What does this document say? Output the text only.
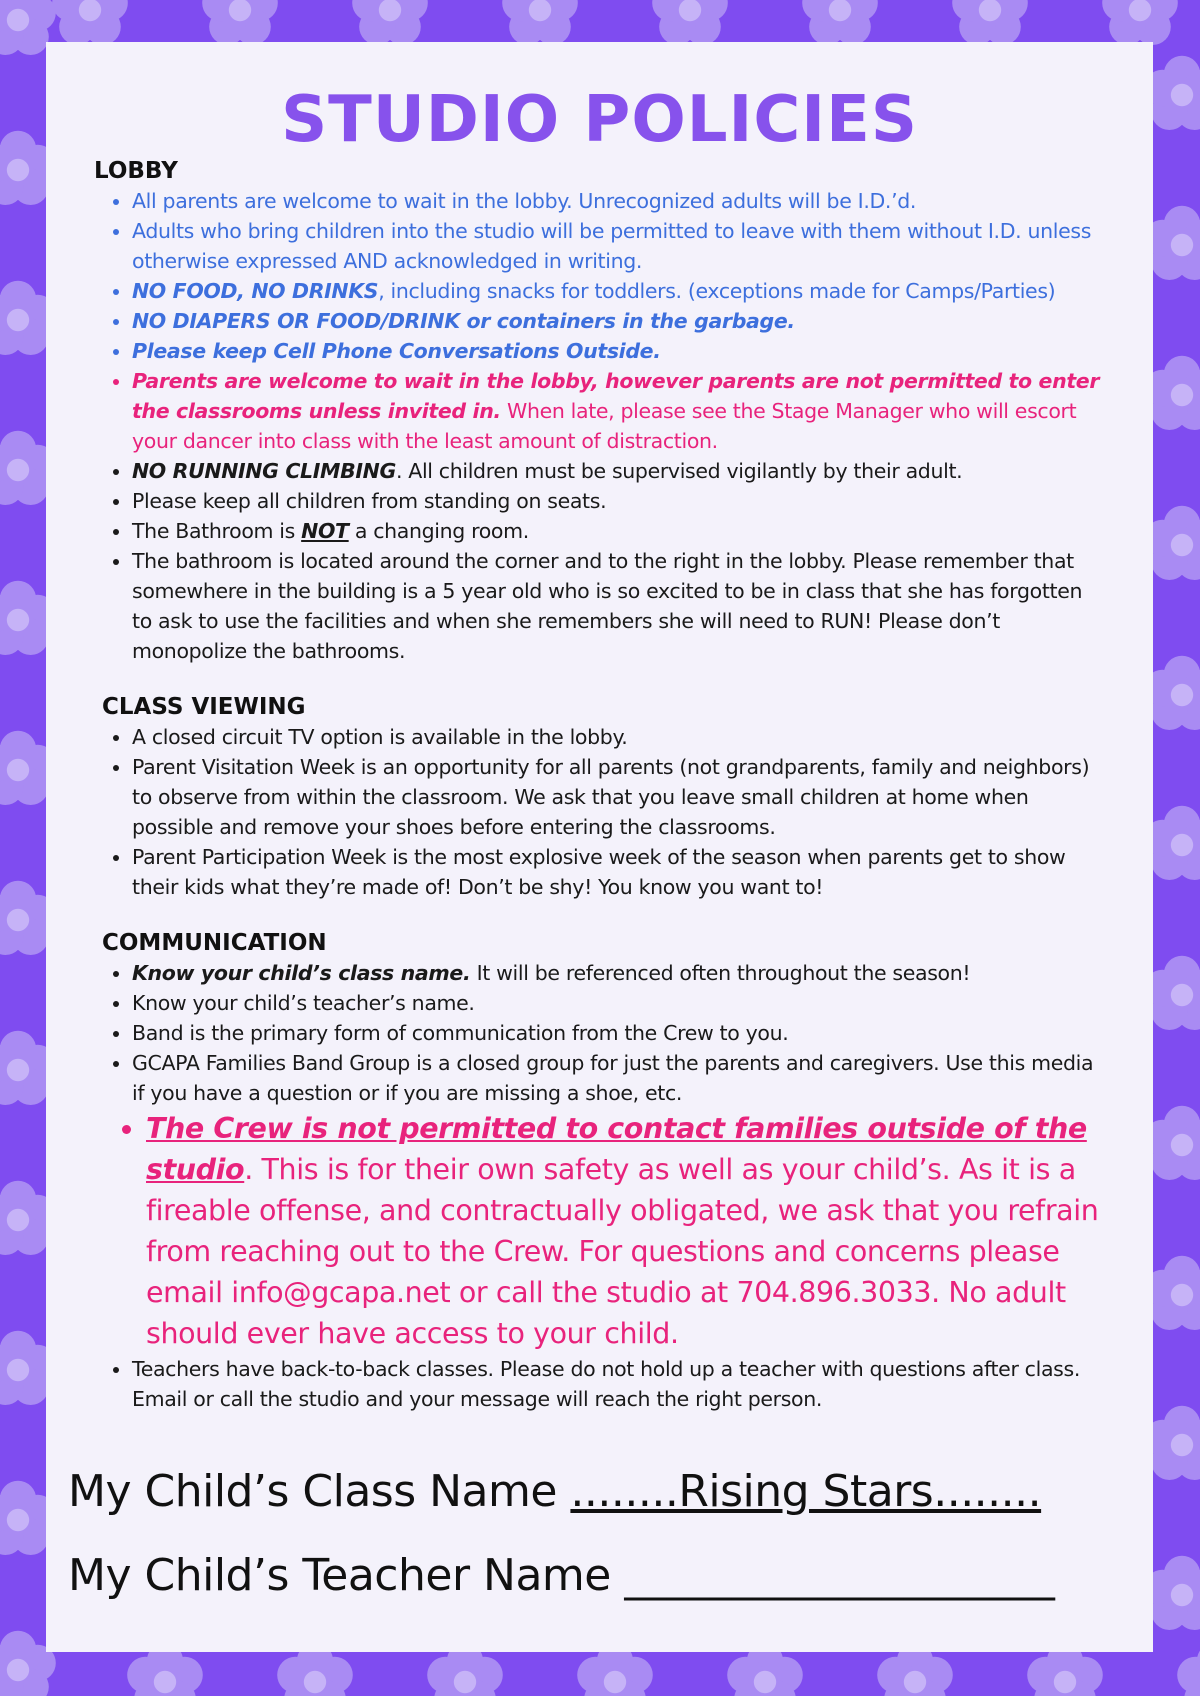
STUDIO POLICIES

LOBBY

• All parents are welcome to wait in the lobby. Unrecognized adults will be I.D.’d.
• Adults who bring children into the studio will be permitted to leave with them without I.D. unless otherwise expressed AND acknowledged in writing.
• NO FOOD, NO DRINKS, including snacks for toddlers. (exceptions made for Camps/Parties)
• NO DIAPERS OR FOOD/DRINK or containers in the garbage.
• Please keep Cell Phone Conversations Outside.
• Parents are welcome to wait in the lobby, however parents are not permitted to enter the classrooms unless invited in. When late, please see the Stage Manager who will escort your dancer into class with the least amount of distraction.
• NO RUNNING CLIMBING. All children must be supervised vigilantly by their adult.
• Please keep all children from standing on seats.
• The Bathroom is NOT a changing room.
• The bathroom is located around the corner and to the right in the lobby. Please remember that somewhere in the building is a 5 year old who is so excited to be in class that she has forgotten to ask to use the facilities and when she remembers she will need to RUN! Please don’t monopolize the bathrooms.

CLASS VIEWING

• A closed circuit TV option is available in the lobby.
• Parent Visitation Week is an opportunity for all parents (not grandparents, family and neighbors) to observe from within the classroom. We ask that you leave small children at home when possible and remove your shoes before entering the classrooms.
• Parent Participation Week is the most explosive week of the season when parents get to show their kids what they’re made of! Don’t be shy! You know you want to!

COMMUNICATION

• Know your child’s class name. It will be referenced often throughout the season!
• Know your child’s teacher’s name.
• Band is the primary form of communication from the Crew to you.
• GCAPA Families Band Group is a closed group for just the parents and caregivers. Use this media if you have a question or if you are missing a shoe, etc.
• The Crew is not permitted to contact families outside of the studio. This is for their own safety as well as your child’s. As it is a fireable offense, and contractually obligated, we ask that you refrain from reaching out to the Crew. For questions and concerns please email info@gcapa.net or call the studio at 704.896.3033. No adult should ever have access to your child.
• Teachers have back-to-back classes. Please do not hold up a teacher with questions after class. Email or call the studio and your message will reach the right person.
My Child’s Class Name ........Rising Stars........
My Child’s Teacher Name ____________________
